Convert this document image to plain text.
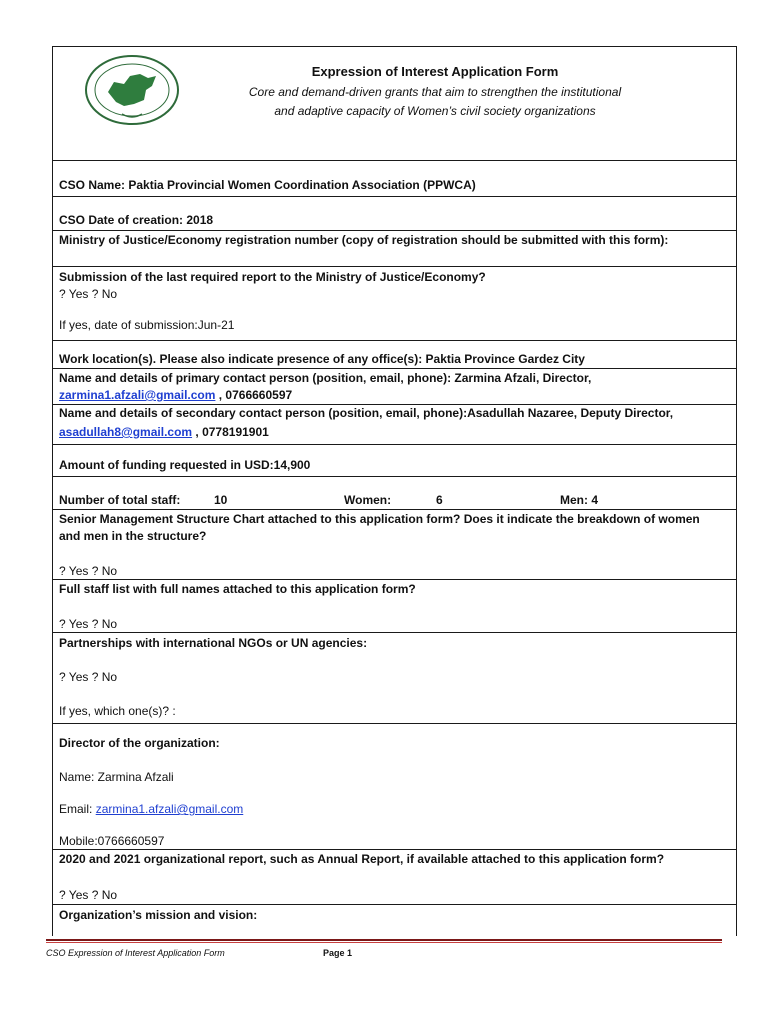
Expression of Interest Application Form
Core and demand-driven grants that aim to strengthen the institutional
and adaptive capacity of Women’s civil society organizations
CSO Name: Paktia Provincial Women Coordination Association (PPWCA)
CSO Date of creation: 2018
Ministry of Justice/Economy registration number (copy of registration should be submitted with this form):
Submission of the last required report to the Ministry of Justice/Economy?
? Yes ? No
If yes, date of submission:Jun-21
Work location(s). Please also indicate presence of any office(s): Paktia Province Gardez City
Name and details of primary contact person (position, email, phone): Zarmina Afzali, Director,
zarmina1.afzali@gmail.com , 0766660597
Name and details of secondary contact person (position, email, phone):Asadullah Nazaree, Deputy Director,
asadullah8@gmail.com , 0778191901
Amount of funding requested in USD:14,900
Number of total staff:	10	Women:	6	Men: 4
Senior Management Structure Chart attached to this application form? Does it indicate the breakdown of women
and men in the structure?
? Yes ? No
Full staff list with full names attached to this application form?
? Yes ? No
Partnerships with international NGOs or UN agencies:
? Yes ? No
If yes, which one(s)? :
Director of the organization:
Name: Zarmina Afzali
Email: zarmina1.afzali@gmail.com
Mobile:0766660597
2020 and 2021 organizational report, such as Annual Report, if available attached to this application form?
? Yes ? No
Organization’s mission and vision:
CSO Expression of Interest Application Form	Page 1
